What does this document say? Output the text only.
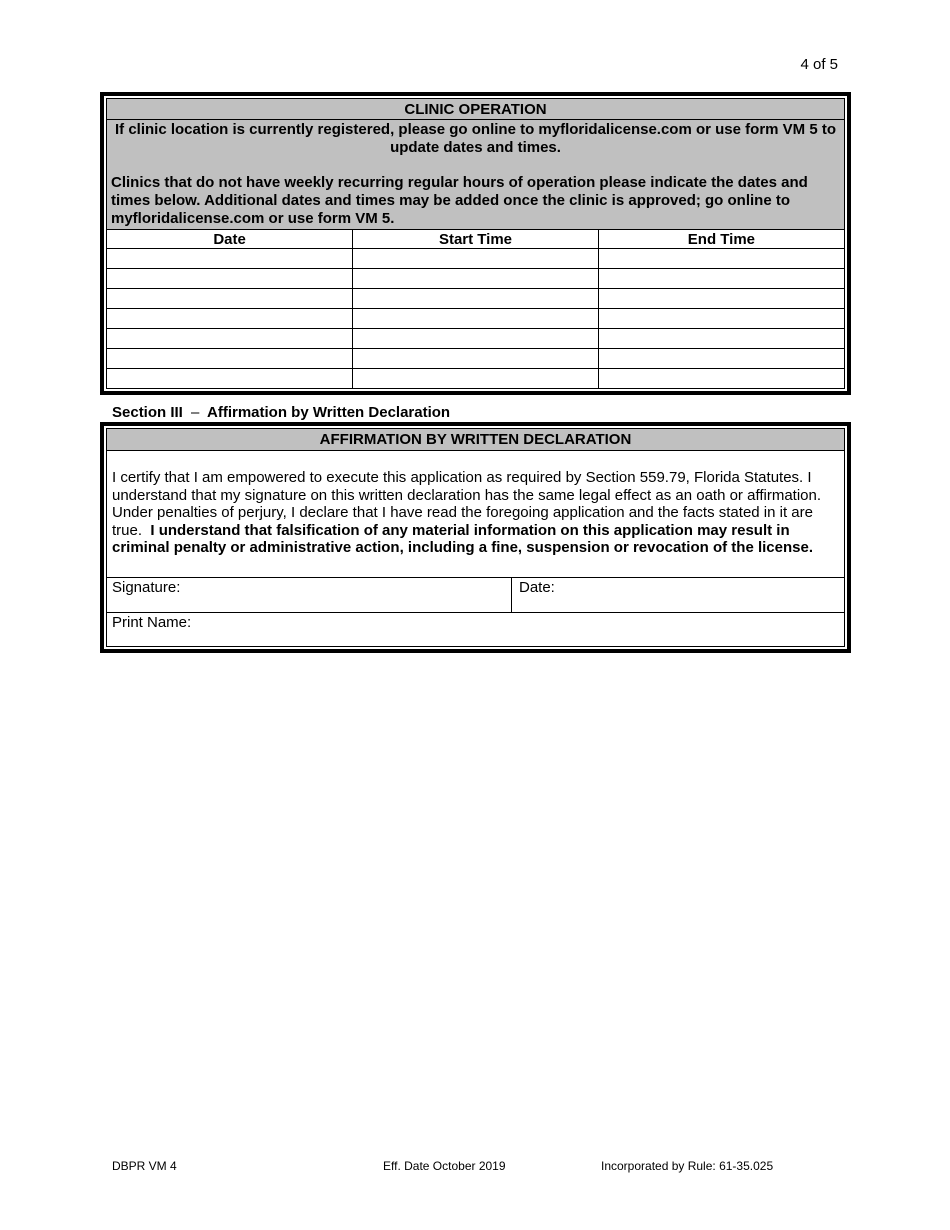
4 of 5
CLINIC OPERATION
If clinic location is currently registered, please go online to myfloridalicense.com or use form VM 5 to update dates and times.
Clinics that do not have weekly recurring regular hours of operation please indicate the dates and times below. Additional dates and times may be added once the clinic is approved; go online to myfloridalicense.com or use form VM 5.
Date	Start Time	End Time

Section III – Affirmation by Written Declaration
AFFIRMATION BY WRITTEN DECLARATION
I certify that I am empowered to execute this application as required by Section 559.79, Florida Statutes. I understand that my signature on this written declaration has the same legal effect as an oath or affirmation. Under penalties of perjury, I declare that I have read the foregoing application and the facts stated in it are true. I understand that falsification of any material information on this application may result in criminal penalty or administrative action, including a fine, suspension or revocation of the license.
Signature:	Date:
Print Name:
DBPR VM 4	Eff. Date October 2019	Incorporated by Rule: 61-35.025
